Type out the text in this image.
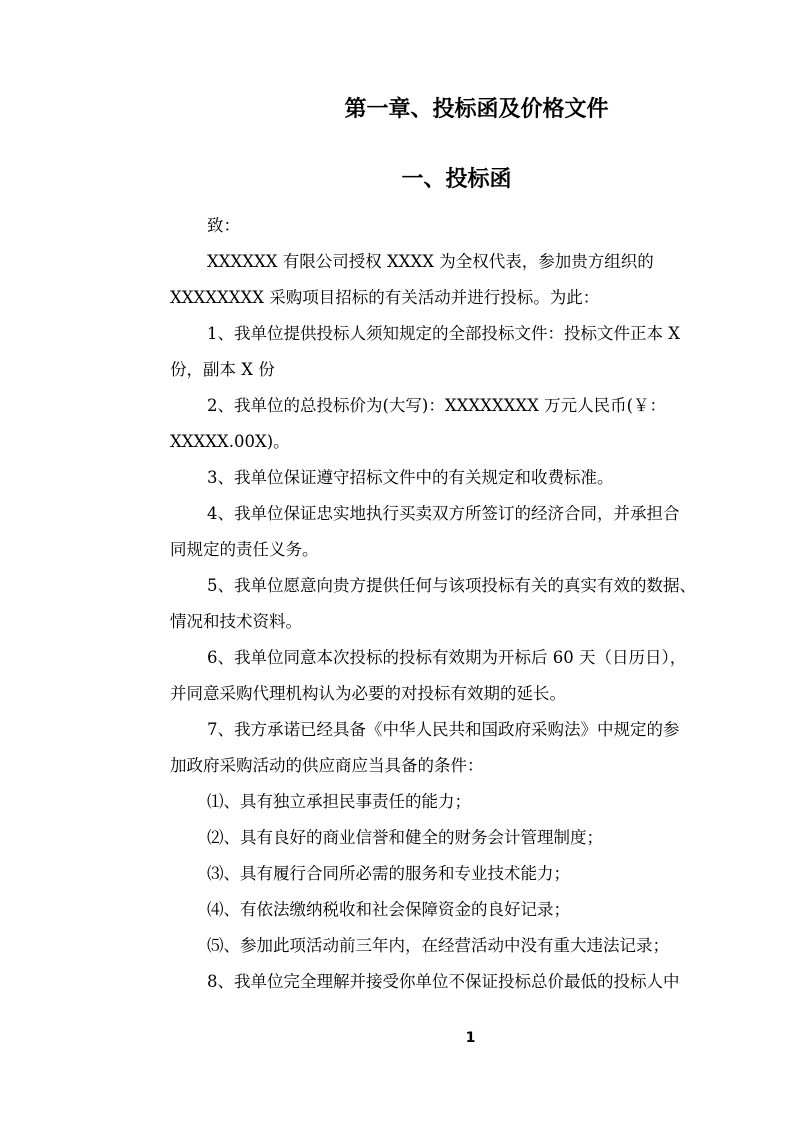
第一章、投标函及价格文件
一、投标函
致：
XXXXXX 有限公司授权 XXXX 为全权代表，参加贵方组织的
XXXXXXXX 采购项目招标的有关活动并进行投标。为此：
1、我单位提供投标人须知规定的全部投标文件：投标文件正本 X
份，副本 X 份
2、我单位的总投标价为(大写)：XXXXXXXX 万元人民币(￥：
XXXXX.00X)。
3、我单位保证遵守招标文件中的有关规定和收费标准。
4、我单位保证忠实地执行买卖双方所签订的经济合同，并承担合
同规定的责任义务。
5、我单位愿意向贵方提供任何与该项投标有关的真实有效的数据、
情况和技术资料。
6、我单位同意本次投标的投标有效期为开标后 60 天（日历日），
并同意采购代理机构认为必要的对投标有效期的延长。
7、我方承诺已经具备《中华人民共和国政府采购法》中规定的参
加政府采购活动的供应商应当具备的条件：
⑴、具有独立承担民事责任的能力；
⑵、具有良好的商业信誉和健全的财务会计管理制度；
⑶、具有履行合同所必需的服务和专业技术能力；
⑷、有依法缴纳税收和社会保障资金的良好记录；
⑸、参加此项活动前三年内，在经营活动中没有重大违法记录；
8、我单位完全理解并接受你单位不保证投标总价最低的投标人中
1
